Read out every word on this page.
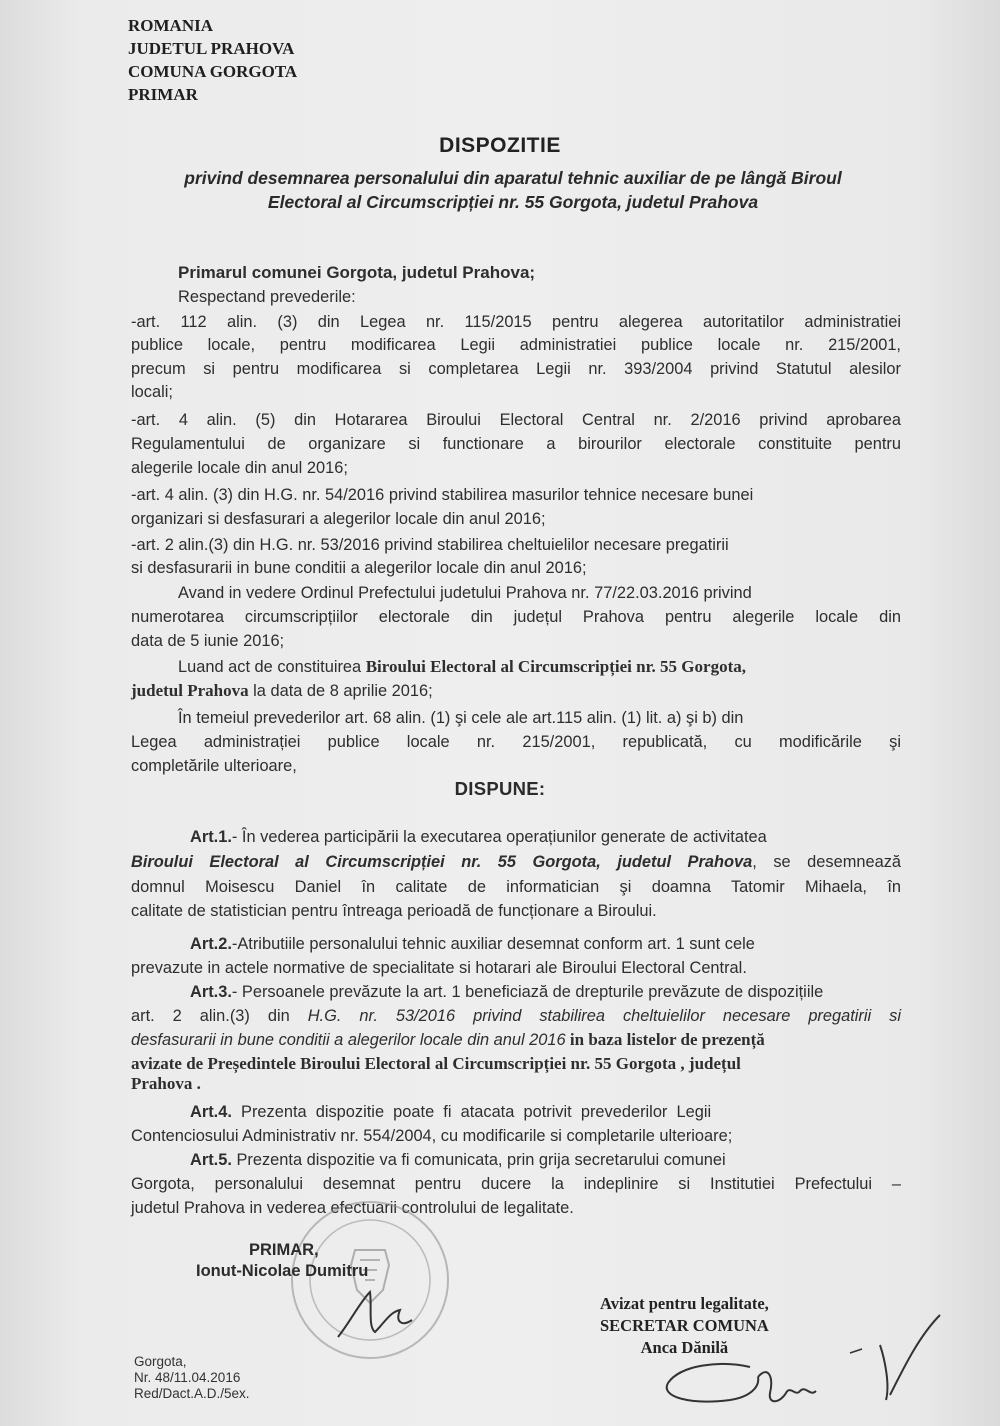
ROMANIA
JUDETUL PRAHOVA
COMUNA GORGOTA
PRIMAR
DISPOZITIE
privind desemnarea personalului din aparatul tehnic auxiliar de pe lângă Biroul
Electoral al Circumscripției nr. 55 Gorgota, judetul Prahova
Primarul comunei Gorgota, judetul Prahova;
Respectand prevederile:
-art. 112 alin. (3) din Legea nr. 115/2015 pentru alegerea autoritatilor administratiei
publice locale, pentru modificarea Legii administratiei publice locale nr. 215/2001,
precum si pentru modificarea si completarea Legii nr. 393/2004 privind Statutul alesilor
locali;
-art. 4 alin. (5) din Hotararea Biroului Electoral Central nr. 2/2016 privind aprobarea
Regulamentului de organizare si functionare a birourilor electorale constituite pentru
alegerile locale din anul 2016;
-art. 4 alin. (3) din H.G. nr. 54/2016 privind stabilirea masurilor tehnice necesare bunei
organizari si desfasurari a alegerilor locale din anul 2016;
-art. 2 alin.(3) din H.G. nr. 53/2016 privind stabilirea cheltuielilor necesare pregatirii
si desfasurarii in bune conditii a alegerilor locale din anul 2016;
Avand in vedere Ordinul Prefectului judetului Prahova nr. 77/22.03.2016 privind
numerotarea circumscripțiilor electorale din județul Prahova pentru alegerile locale din
data de 5 iunie 2016;
Luand act de constituirea Biroului Electoral al Circumscripției nr. 55 Gorgota,
judetul Prahova la data de 8 aprilie 2016;
În temeiul prevederilor art. 68 alin. (1) şi cele ale art.115 alin. (1) lit. a) şi b) din
Legea administrației publice locale nr. 215/2001, republicată, cu modificările şi
completările ulterioare,
DISPUNE:
Art.1.- În vederea participării la executarea operațiunilor generate de activitatea
Biroului Electoral al Circumscripției nr. 55 Gorgota, judetul Prahova, se desemnează
domnul Moisescu Daniel în calitate de informatician şi doamna Tatomir Mihaela, în
calitate de statistician pentru întreaga perioadă de funcționare a Biroului.
Art.2.-Atributiile personalului tehnic auxiliar desemnat conform art. 1 sunt cele
prevazute in actele normative de specialitate si hotarari ale Biroului Electoral Central.
Art.3.- Persoanele prevăzute la art. 1 beneficiază de drepturile prevăzute de dispozițiile
art. 2 alin.(3) din H.G. nr. 53/2016 privind stabilirea cheltuielilor necesare pregatirii si
desfasurarii in bune conditii a alegerilor locale din anul 2016 in baza listelor de prezență
avizate de Președintele Biroului Electoral al Circumscripției nr. 55 Gorgota , județul
Prahova .
Art.4.  Prezenta  dispozitie  poate  fi  atacata  potrivit  prevederilor  Legii
Contenciosului Administrativ nr. 554/2004, cu modificarile si completarile ulterioare;
Art.5. Prezenta dispozitie va fi comunicata, prin grija secretarului comunei
Gorgota, personalului desemnat pentru ducere la indeplinire si Institutiei Prefectului –
judetul Prahova in vederea efectuarii controlului de legalitate.
PRIMAR,
Ionut-Nicolae Dumitru
Avizat pentru legalitate,
SECRETAR COMUNA
Anca Dănilă
Gorgota,
Nr. 48/11.04.2016
Red/Dact.A.D./5ex.
